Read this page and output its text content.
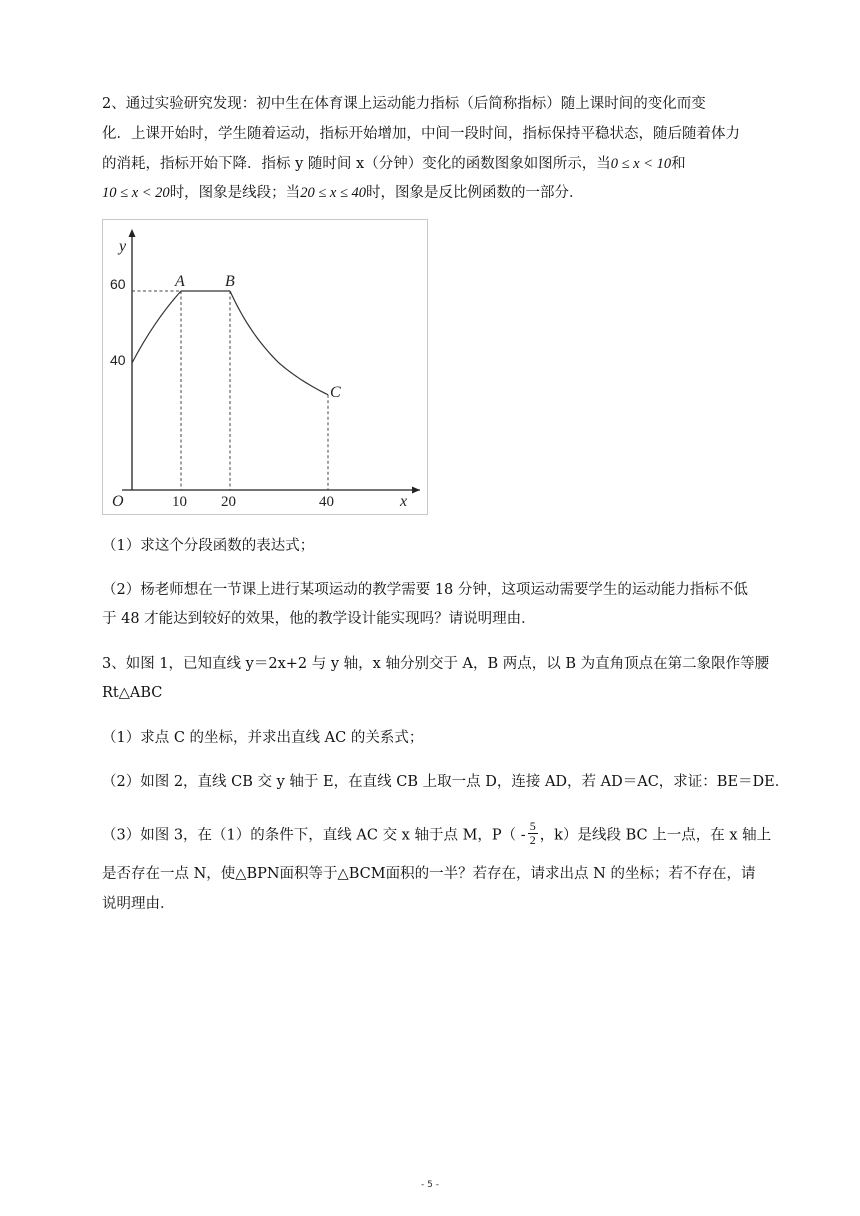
2、通过实验研究发现：初中生在体育课上运动能力指标（后简称指标）随上课时间的变化而变
化．上课开始时，学生随着运动，指标开始增加，中间一段时间，指标保持平稳状态，随后随着体力
的消耗，指标开始下降．指标 y 随时间 x（分钟）变化的函数图象如图所示，当0 ≤ x < 10和
10 ≤ x < 20时，图象是线段；当20 ≤ x ≤ 40时，图象是反比例函数的一部分．
60
40
10 20	40
O	x
y
A	B
C
（1）求这个分段函数的表达式；
（2）杨老师想在一节课上进行某项运动的教学需要 18 分钟，这项运动需要学生的运动能力指标不低
于 48 才能达到较好的效果，他的教学设计能实现吗？请说明理由．
3、如图 1，已知直线 y＝2x+2 与 y 轴，x 轴分别交于 A，B 两点，以 B 为直角顶点在第二象限作等腰
Rt△ABC
（1）求点 C 的坐标，并求出直线 AC 的关系式；
（2）如图 2，直线 CB 交 y 轴于 E，在直线 CB 上取一点 D，连接 AD，若 AD＝AC，求证：BE＝DE．
（3）如图 3，在（1）的条件下，直线 AC 交 x 轴于点 M，$P( - \frac{5}{2}$ ，k）是线段 BC 上一点，在 x 轴上
是否存在一点 N，使△BPN面积等于△BCM面积的一半？若存在，请求出点 N 的坐标；若不存在，请
说明理由．
- 5 -
